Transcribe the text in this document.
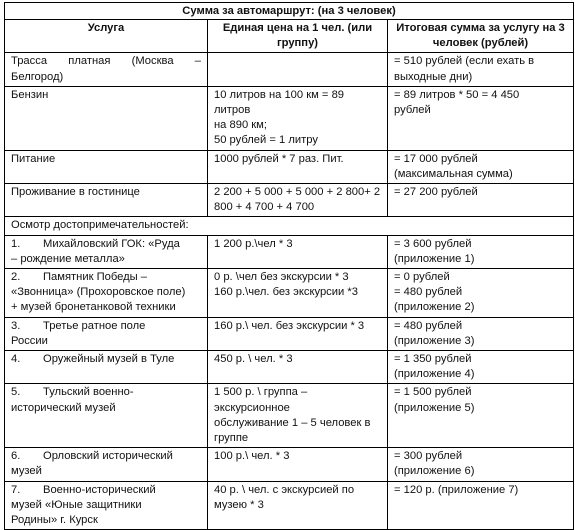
Сумма за автомаршрут: (на 3 человек)		
Услуга	Единая цена на 1 чел. (или группу)	Итоговая сумма за услугу на 3 человек (рублей)

Трасса платная (Москва –
Белгород)		= 510 рублей (если ехать в
выходные дни)

Бензин	10 литров на 100 км = 89 литров
на 890 км;
50 рублей = 1 литру	= 89 литров * 50 = 4 450
рублей

Питание	1000 рублей * 7 раз. Пит.	= 17 000 рублей
(максимальная сумма)

Проживание в гостинице	2 200 + 5 000 + 5 000 + 2 800+ 2
800 + 4 700 + 4 700	= 27 200 рублей

Осмотр достопримечательностей:		

1. Михайловский ГОК: «Руда
– рождение металла»	1 200 р.\чел * 3	= 3 600 рублей
(приложение 1)

2. Памятник Победы –
«Звонница» (Прохоровское поле)
+ музей бронетанковой техники	0 р. \чел без экскурсии * 3
160 р.\чел. без экскурсии *3	= 0 рублей
= 480 рублей
(приложение 2)

3. Третье ратное поле
России	160 р.\ чел. без экскурсии * 3	= 480 рублей
(приложение 3)

4. Оружейный музей в Туле	450 р. \ чел. * 3	= 1 350 рублей
(приложение 4)

5. Тульский военно-
исторический музей	1 500 р. \ группа –экскурсионное
обслуживание 1 – 5 человек в
группе	= 1 500 рублей
(приложение 5)

6. Орловский исторический
музей	100 р.\ чел. * 3	= 300 рублей
(приложение 6)

7. Военно-исторический
музей «Юные защитники
Родины» г. Курск	40 р. \ чел. с экскурсией по
музею * 3	= 120 р. (приложение 7)
